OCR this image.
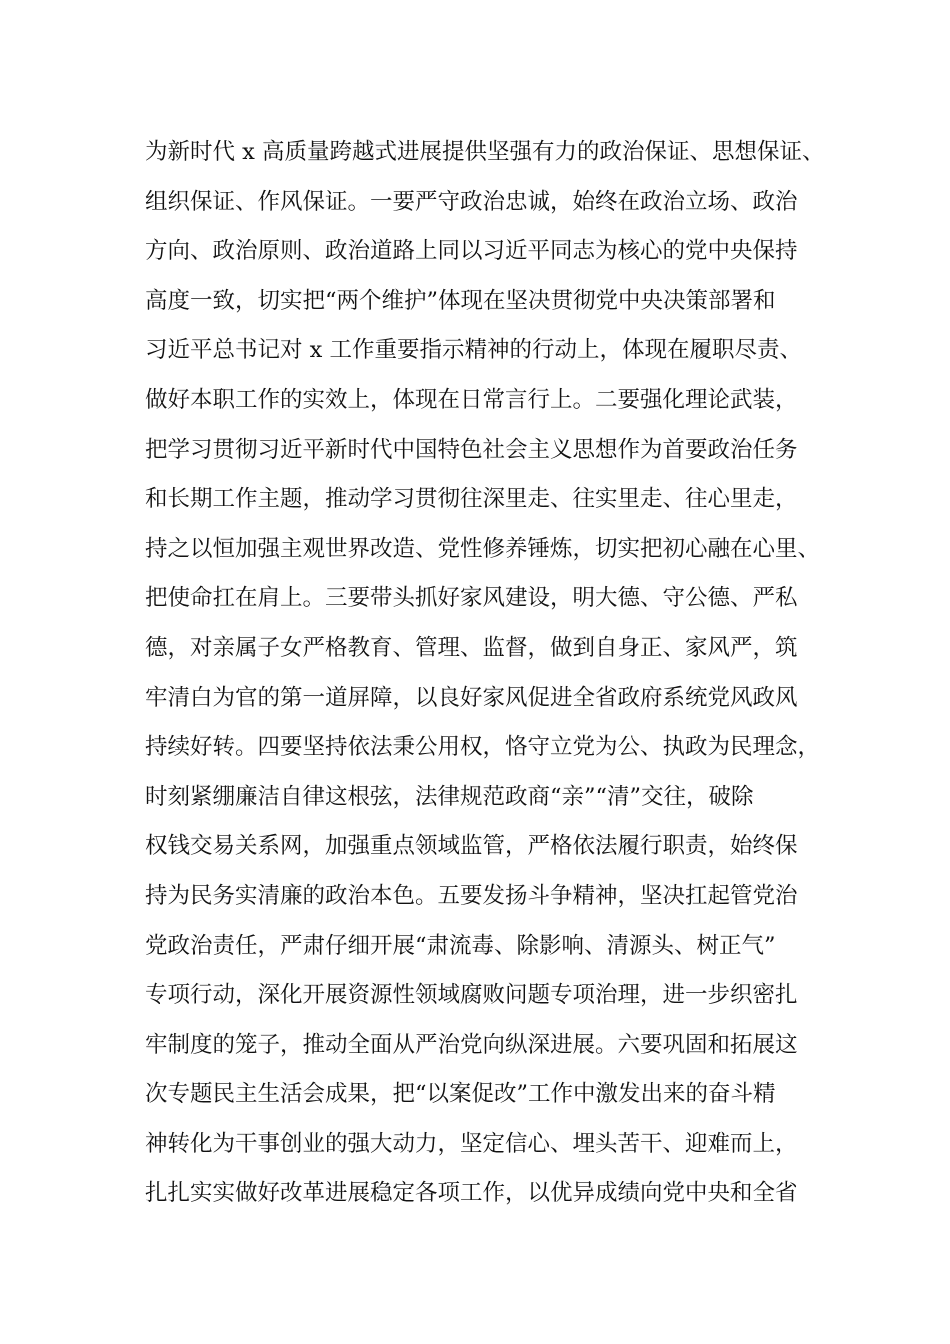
为新时代 x 高质量跨越式进展提供坚强有力的政治保证、思想保证、
组织保证、作风保证。一要严守政治忠诚，始终在政治立场、政治
方向、政治原则、政治道路上同以习近平同志为核心的党中央保持
高度一致，切实把“两个维护”体现在坚决贯彻党中央决策部署和
习近平总书记对 x 工作重要指示精神的行动上，体现在履职尽责、
做好本职工作的实效上，体现在日常言行上。二要强化理论武装，
把学习贯彻习近平新时代中国特色社会主义思想作为首要政治任务
和长期工作主题，推动学习贯彻往深里走、往实里走、往心里走，
持之以恒加强主观世界改造、党性修养锤炼，切实把初心融在心里、
把使命扛在肩上。三要带头抓好家风建设，明大德、守公德、严私
德，对亲属子女严格教育、管理、监督，做到自身正、家风严，筑
牢清白为官的第一道屏障，以良好家风促进全省政府系统党风政风
持续好转。四要坚持依法秉公用权，恪守立党为公、执政为民理念，
时刻紧绷廉洁自律这根弦，法律规范政商“亲”“清”交往，破除
权钱交易关系网，加强重点领域监管，严格依法履行职责，始终保
持为民务实清廉的政治本色。五要发扬斗争精神，坚决扛起管党治
党政治责任，严肃仔细开展“肃流毒、除影响、清源头、树正气”
专项行动，深化开展资源性领域腐败问题专项治理，进一步织密扎
牢制度的笼子，推动全面从严治党向纵深进展。六要巩固和拓展这
次专题民主生活会成果，把“以案促改”工作中激发出来的奋斗精
神转化为干事创业的强大动力，坚定信心、埋头苦干、迎难而上，
扎扎实实做好改革进展稳定各项工作，以优异成绩向党中央和全省
